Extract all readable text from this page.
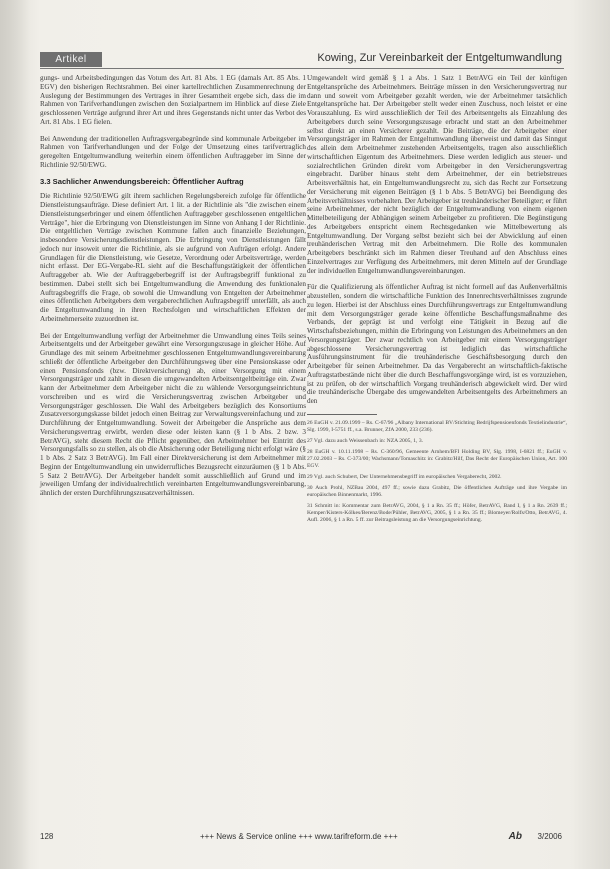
Artikel	Kowing, Zur Vereinbarkeit der Entgeltumwandlung

gungs- und Arbeitsbedingungen das Votum des Art. 81 Abs. 1 EG (damals Art. 85 Abs. 1 EGV) den bisherigen Rechtsrahmen. Bei einer kartellrechtlichen Zusammenrechnung der Auslegung der Bestimmungen des Vertrages in ihrer Gesamtheit ergebe sich, dass die im Rahmen von Tarifverhandlungen zwischen den Sozialpartnern im Hinblick auf diese Ziele geschlossenen Verträge aufgrund ihrer Art und ihres Gegenstands nicht unter das Verbot des Art. 81 Abs. 1 EG fielen.

Bei Anwendung der traditionellen Auftragsvergabegründe sind kommunale Arbeitgeber im Rahmen von Tarifverhandlungen und der Folge der Umsetzung eines tarifvertraglich geregelten Entgeltumwandlung weiterhin einem öffentlichen Auftraggeber im Sinne der Richtlinie 92/50/EWG.

3.3 Sachlicher Anwendungsbereich: Öffentlicher Auftrag

Die Richtlinie 92/50/EWG gilt ihrem sachlichen Regelungsbereich zufolge für öffentliche Dienstleistungsaufträge. Diese definiert Art. 1 lit. a der Richtlinie als "die zwischen einem Dienstleistungserbringer und einem öffentlichen Auftraggeber geschlossenen entgeltlichen Verträge", hier die Erbringung von Dienstleistungen im Sinne von Anhang I der Richtlinie. Die entgeltlichen Verträge zwischen Kommune fallen auch finanzielle Beziehungen, insbesondere Versicherungsdienstleistungen. Die Erbringung von Dienstleistungen fällt jedoch nur insoweit unter die Richtlinie, als sie aufgrund von Aufträgen erfolgt. Andere Grundlagen für die Dienstleistung, wie Gesetze, Verordnung oder Arbeitsverträge, werden nicht erfasst. Der EG-Vergabe-RL sieht auf die Beschaffungstätigkeit der öffentlichen Auftraggeber ab. Wie der Auftraggeberbegriff ist der Auftragsbegriff funktional zu bestimmen. Dabei stellt sich bei Entgeltumwandlung die Anwendung des funktionalen Auftragsbegriffs die Frage, ob sowohl die Umwandlung von Entgelten der Arbeitnehmer eines öffentlichen Arbeitgebers dem vergaberechtlichen Auftragsbegriff unterfällt, als auch die Entgeltumwandlung in ihren Rechtsfolgen und wirtschaftlichen Effekten der Arbeitnehmerseite zuzuordnen ist.

Bei der Entgeltumwandlung verfügt der Arbeitnehmer die Umwandlung eines Teils seines Arbeitsentgelts und der Arbeitgeber gewährt eine Versorgungszusage in gleicher Höhe. Auf Grundlage des mit seinem Arbeitnehmer geschlossenen Entgeltumwandlungsvereinbarung schließt der öffentliche Arbeitgeber den Durchführungsweg über eine Pensionskasse oder einen Pensionsfonds (bzw. Direktversicherung) ab, einer Versorgung mit einem Versorgungsträger und zahlt in diesen die umgewandelten Arbeitsentgeltbeiträge ein. Zwar kann der Arbeitnehmer dem Arbeitgeber nicht die zu wählende Versorgungseinrichtung vorschreiben und es wird die Versicherungsvertrag zwischen Arbeitgeber und Versorgungsträger geschlossen. Die Wahl des Arbeitgebers bezüglich des Konsortiums Zusatzversorgungskasse bildet jedoch einen Beitrag zur Verwaltungsvereinfachung und zur Durchführung der Entgeltumwandlung. Soweit der Arbeitgeber die Ansprüche aus dem Versicherungsvertrag erwirbt, werden diese oder leisten kann (§ 1 b Abs. 2 bzw. 3 BetrAVG), steht diesem Recht die Pflicht gegenüber, den Arbeitnehmer bei Eintritt des Versorgungsfalls so zu stellen, als ob die Absicherung oder Beteiligung nicht erfolgt wäre (§ 1 b Abs. 2 Satz 3 BetrAVG). Im Fall einer Direktversicherung ist dem Arbeitnehmer mit Beginn der Entgeltumwandlung ein unwiderrufliches Bezugsrecht einzuräumen (§ 1 b Abs. 5 Satz 2 BetrAVG). Der Arbeitgeber handelt somit ausschließlich auf Grund und im jeweiligen Umfang der individualrechtlich vereinbarten Entgeltumwandlungsvereinbarung, ähnlich der ersten Durchführungszusatzverhältnissen.

Umgewandelt wird gemäß § 1 a Abs. 1 Satz 1 BetrAVG ein Teil der künftigen Entgeltansprüche des Arbeitnehmers. Beiträge müssen in den Versicherungsvertrag nur dann und soweit vom Arbeitgeber gezahlt werden, wie der Arbeitnehmer tatsächlich Entgeltansprüche hat. Der Arbeitgeber stellt weder einen Zuschuss, noch leistet er eine Vorauszahlung. Es wird ausschließlich der Teil des Arbeitsentgelts als Einzahlung des Arbeitgebers durch seine Versorgungszusage erbracht und statt an den Arbeitnehmer selbst direkt an einen Versicherer gezahlt. Die Beiträge, die der Arbeitgeber einer Versorgungsträger im Rahmen der Entgeltumwandlung überweist und damit das Sinngut des allein dem Arbeitnehmer zustehenden Arbeitsentgelts, tragen also ausschließlich wirtschaftlichen Eigentum des Arbeitnehmers. Diese werden lediglich aus steuer- und sozialrechtlichen Gründen direkt vom Arbeitgeber in den Versicherungsvertrag eingebracht. Darüber hinaus steht dem Arbeitnehmer, der ein betriebstreues Arbeitsverhältnis hat, ein Entgeltumwandlungsrecht zu, sich das Recht zur Fortsetzung der Versicherung mit eigenen Beiträgen (§ 1 b Abs. 5 BetrAVG) bei Beendigung des Arbeitsverhältnisses vorbehalten. Der Arbeitgeber ist treuhänderischer Beteiligter; er führt seine Arbeitnehmer, der nicht bezüglich der Entgeltumwandlung von einem eigenen Mittelbeteiligung der Abhängigen seinem Arbeitgeber zu profitieren. Die Begünstigung des Arbeitgebers entspricht einem Rechtsgedanken wie Mittelbewertung als Entgeltumwandlung. Der Vorgang selbst bezieht sich bei der Abwicklung auf einen treuhänderischen Vertrag mit den Arbeitnehmern. Die Rolle des kommunalen Arbeitgebers beschränkt sich im Rahmen dieser Treuhand auf den Abschluss eines Einzelvertrages zur Verfügung des Arbeitnehmers, mit deren Mitteln auf der Grundlage der individuellen Entgeltumwandlungsvereinbarungen.

Für die Qualifizierung als öffentlicher Auftrag ist nicht formell auf das Außenverhältnis abzustellen, sondern die wirtschaftliche Funktion des Innenrechtsverhältnisses zugrunde zu legen. Hierbei ist der Abschluss eines Durchführungsvertrags zur Entgeltumwandlung mit dem Versorgungsträger gerade keine öffentliche Beschaffungsmaßnahme des Verbands, der geprägt ist und verfolgt eine Tätigkeit in Bezug auf die Wirtschaftsbeziehungen, mithin die Erbringung von Leistungen des Arbeitnehmers an den Versorgungsträger. Der zwar rechtlich von Arbeitgeber mit einem Versorgungsträger abgeschlossene Versicherungsvertrag ist lediglich das wirtschaftliche Ausführungsinstrument für die treuhänderische Geschäftsbesorgung durch den Arbeitgeber für seinen Arbeitnehmer. Da das Vergaberecht an wirtschaftlich-faktische Auftragstatbestände nicht über die durch Beschaffungsvorgänge wird, ist es vorzuziehen, ist zu prüfen, ob der wirtschaftlich Vorgang treuhänderisch abgewickelt wird. Der wird die treuhänderische Übergabe des umgewandelten Arbeitsentgelts des Arbeitnehmers an den

26 EuGH v. 21.09.1999 – Rs. C-67/96 „Albany International BV/Stichting Bedrijfspensioenfonds Textielindustrie“, Slg. 1999, I-5751 ff., s.a. Brunner, ZfA 2000, 233 (236).
27 Vgl. dazu auch Weissenbach in: NZA 2005, 1, 3.
28 EuGH v. 10.11.1998 – Rs. C-360/96, Gemeente Arnhem/BFI Holding BV, Slg. 1998, I-6821 ff.; EuGH v. 27.02.2003 – Rs. C-373/00; Wachsmann/Tomaschitz in: Grabitz/Hilf, Das Recht der Europäischen Union, Art. 100 EGV.
29 Vgl. auch Schubert, Der Unternehmensbegriff im europäischen Vergaberecht, 2002.
30 Auch Prohl, NZBau 2004, 497 ff.; sowie dazu Grabitz, Die öffentlichen Aufträge und ihre Vergabe im europäischen Binnenmarkt, 1996.
31 Schmitt in: Kommentar zum BetrAVG, 2004, § 1 a Rn. 35 ff.; Höfer, BetrAVG, Band I, § 1 a Rn. 2639 ff.; Kemper/Kisters-Kölkes/Berenz/Bode/Pühler, BetrAVG, 2005, § 1 a Rn. 35 ff.; Blomeyer/Rolfs/Otto, BetrAVG, 4. Aufl. 2006, § 1 a Rn. 5 ff. zur Beitragsleistung an die Versorgungseinrichtung.
128	+++ News & Service online +++ www.tarifreform.de +++	Ab 3/2006
